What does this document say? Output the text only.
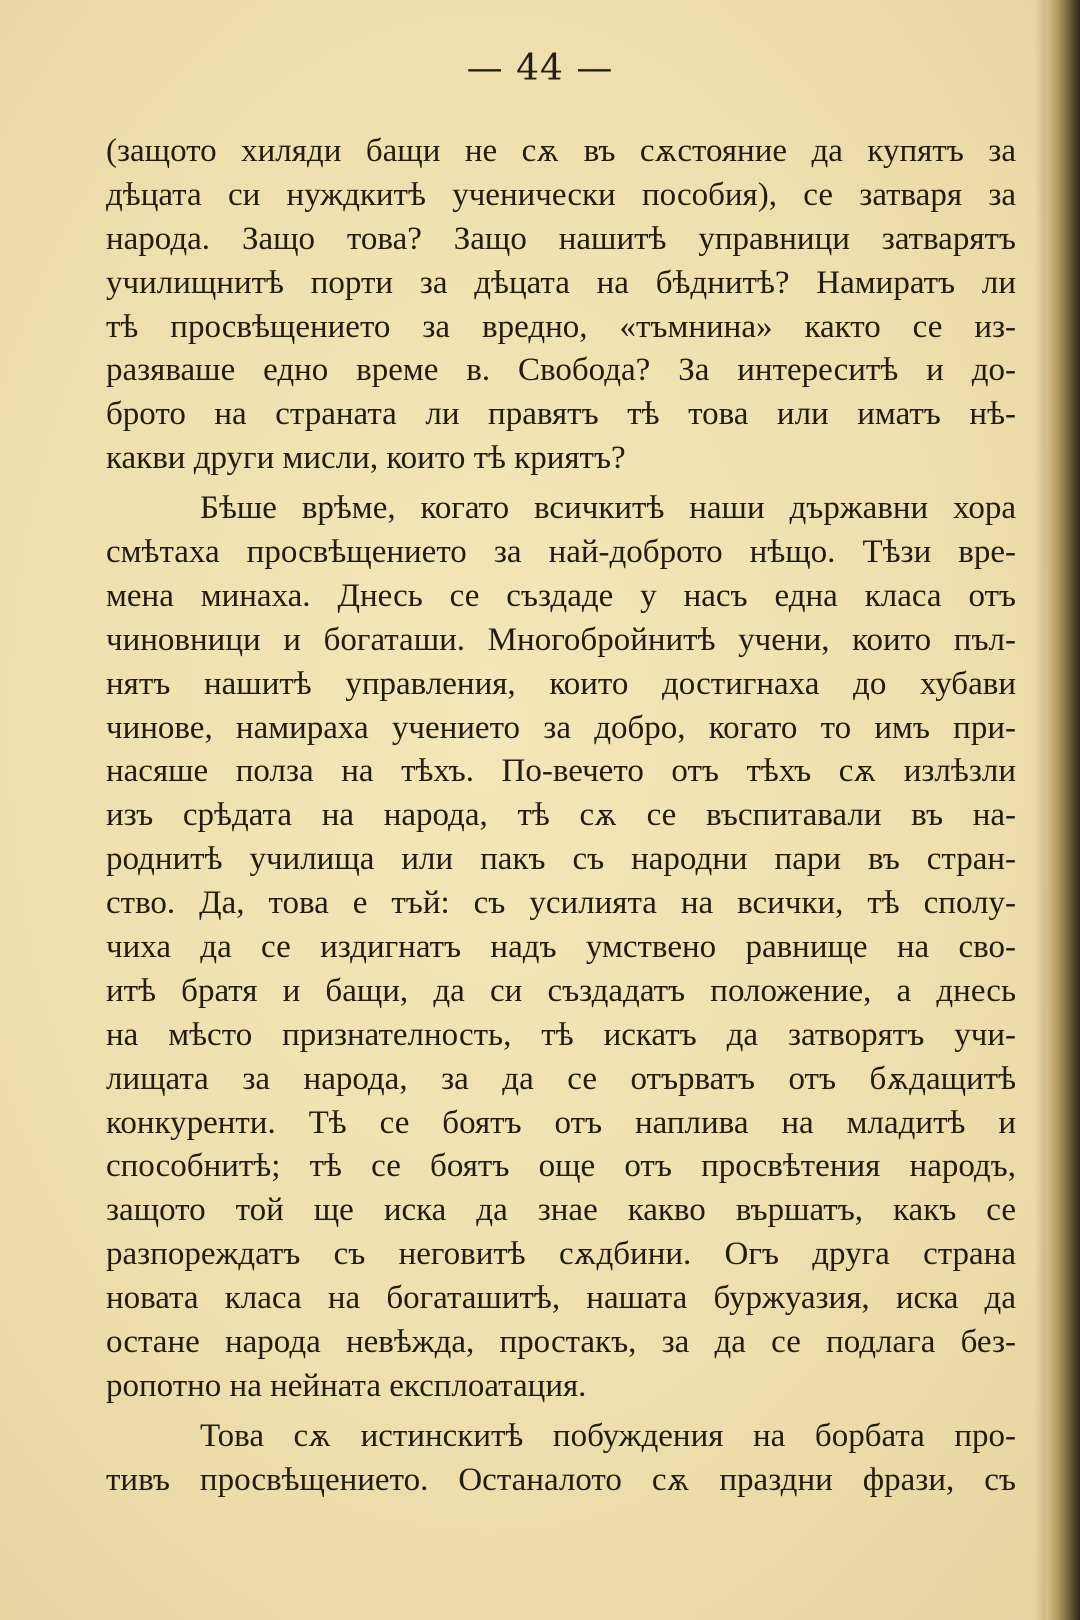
— 44 —
(защото хиляди бащи не сѫ въ сѫстояние да купятъ за
дѣцата си нуждкитѣ ученически пособия), се затваря за
народа. Защо това? Защо нашитѣ управници затварятъ
училищнитѣ порти за дѣцата на бѣднитѣ? Намиратъ ли
тѣ просвѣщението за вредно, «тъмнина» както се из-
разяваше едно време в. Свобода? За интереситѣ и до-
брото на страната ли правятъ тѣ това или иматъ нѣ-
какви други мисли, които тѣ криятъ?
Бѣше врѣме, когато всичкитѣ наши държавни хора
смѣтаха просвѣщението за най-доброто нѣщо. Тѣзи вре-
мена минаха. Днесь се създаде у насъ една класа отъ
чиновници и богаташи. Многобройнитѣ учени, които пъл-
нятъ нашитѣ управления, които достигнаха до хубави
чинове, намираха учението за добро, когато то имъ при-
насяше полза на тѣхъ. По-вечето отъ тѣхъ сѫ излѣзли
изъ срѣдата на народа, тѣ сѫ се въспитавали въ на-
роднитѣ училища или пакъ съ народни пари въ стран-
ство. Да, това е тъй: съ усилията на всички, тѣ сполу-
чиха да се издигнатъ надъ умствено равнище на сво-
итѣ братя и бащи, да си създадатъ положение, а днесь
на мѣсто признателность, тѣ искатъ да затворятъ учи-
лищата за народа, за да се отърватъ отъ бѫдащитѣ
конкуренти. Тѣ се боятъ отъ наплива на младитѣ и
способнитѣ; тѣ се боятъ още отъ просвѣтения народъ,
защото той ще иска да знае какво вършатъ, какъ се
разпореждатъ съ неговитѣ сѫдбини. Огъ друга страна
новата класа на богаташитѣ, нашата буржуазия, иска да
остане народа невѣжда, простакъ, за да се подлага без-
ропотно на нейната експлоатация.
Това сѫ истинскитѣ побуждения на борбата про-
тивъ просвѣщението. Останалото сѫ праздни фрази, съ
